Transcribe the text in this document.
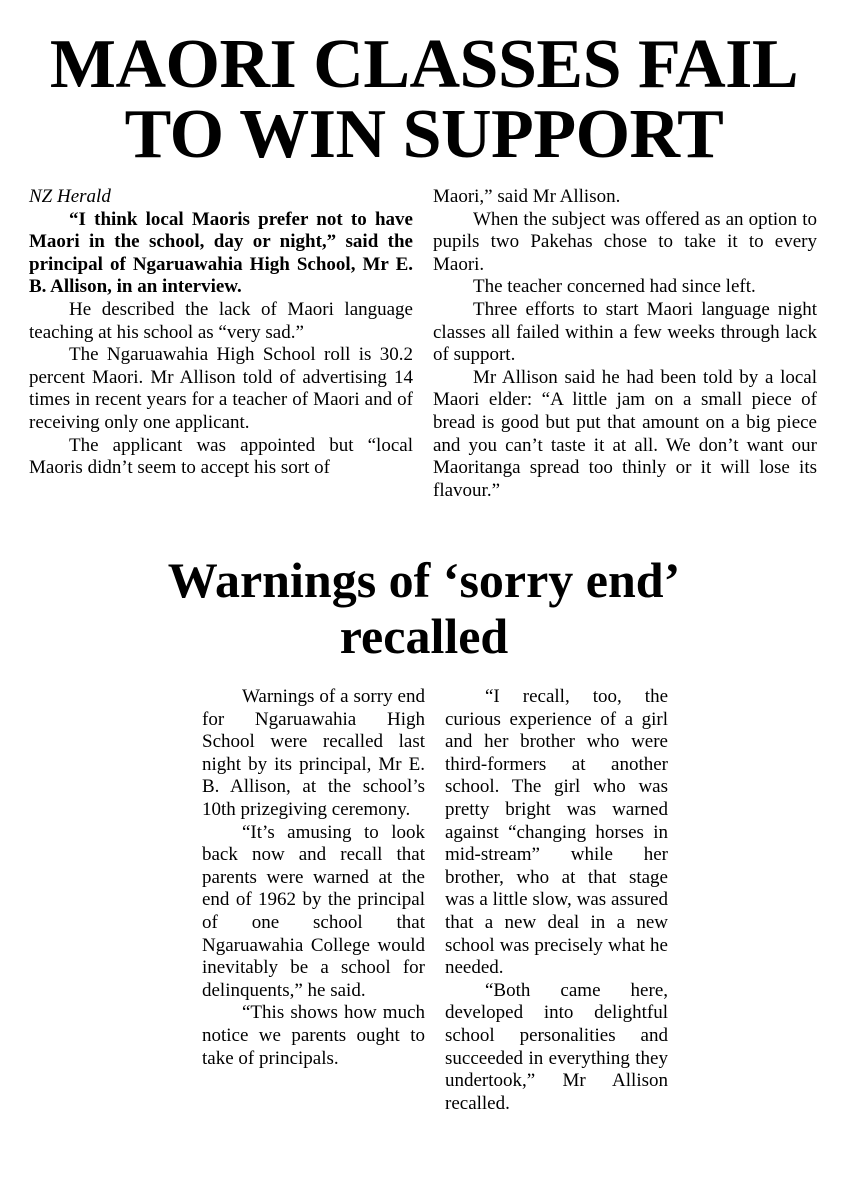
MAORI CLASSES FAIL TO WIN SUPPORT

NZ Herald

“I think local Maoris prefer not to have Maori in the school, day or night,” said the principal of Ngaruawahia High School, Mr E. B. Allison, in an interview.

He described the lack of Maori language teaching at his school as “very sad.”

The Ngaruawahia High School roll is 30.2 percent Maori. Mr Allison told of advertising 14 times in recent years for a teacher of Maori and of receiving only one applicant.

The applicant was appointed but “local Maoris didn’t seem to accept his sort of

Maori,” said Mr Allison.

When the subject was offered as an option to pupils two Pakehas chose to take it to every Maori.

The teacher concerned had since left.

Three efforts to start Maori language night classes all failed within a few weeks through lack of support.

Mr Allison said he had been told by a local Maori elder: “A little jam on a small piece of bread is good but put that amount on a big piece and you can’t taste it at all. We don’t want our Maoritanga spread too thinly or it will lose its flavour.”

Warnings of ‘sorry end’ recalled

Warnings of a sorry end for Ngaruawahia High School were recalled last night by its principal, Mr E. B. Allison, at the school’s 10th prizegiving ceremony.

“It’s amusing to look back now and recall that parents were warned at the end of 1962 by the principal of one school that Ngaruawahia College would inevitably be a school for delinquents,” he said.

“This shows how much notice we parents ought to take of principals.

“I recall, too, the curious experience of a girl and her brother who were third-formers at another school. The girl who was pretty bright was warned against “changing horses in mid-stream” while her brother, who at that stage was a little slow, was assured that a new deal in a new school was precisely what he needed.

“Both came here, developed into delightful school personalities and succeeded in everything they undertook,” Mr Allison recalled.
